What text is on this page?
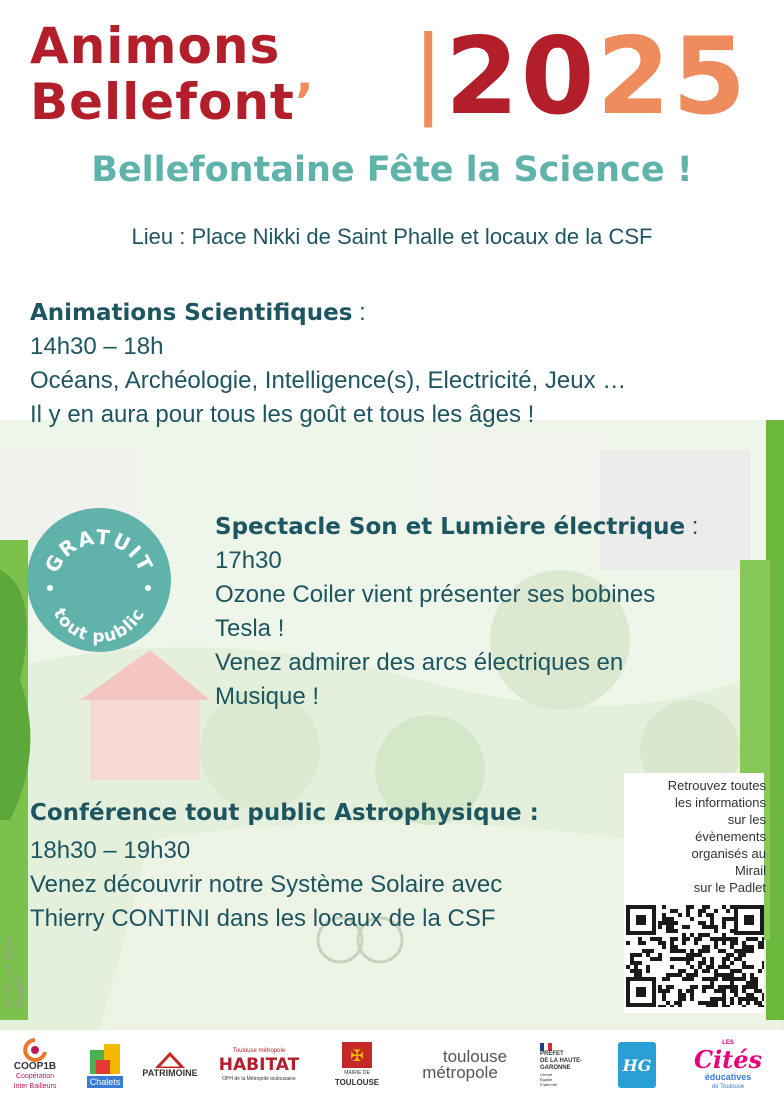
Animons
Bellefont’ | 2025
Bellefontaine Fête la Science !
Lieu : Place Nikki de Saint Phalle et locaux de la CSF
Animations Scientifiques :
14h30 – 18h
Océans, Archéologie, Intelligence(s), Electricité, Jeux …
Il y en aura pour tous les goût et tous les âges !
GRATUIT
tout public
Spectacle Son et Lumière électrique :
17h30
Ozone Coiler vient présenter ses bobines
Tesla !
Venez admirer des arcs électriques en
Musique !
Conférence tout public Astrophysique :
18h30 – 19h30
Venez découvrir notre Système Solaire avec
Thierry CONTINI dans les locaux de la CSF
Retrouvez toutes
les informations
sur les
évènements
organisés au
Mirail
sur le Padlet
Visuel : par Anouk
AUGAT
COOP1B
Coopération
Inter Bailleurs	Chalets
PATRIMOINE
Toulouse métropole
HABITAT
OPH de la Métropole toulousaine
✠
MAIRIE DE
TOULOUSE
toulouse
métropole
PRÉFET
DE LA HAUTE-
GARONNE
Liberté
Égalité
Fraternité
HG
LES
Cités
éducatives
de Toulouse
